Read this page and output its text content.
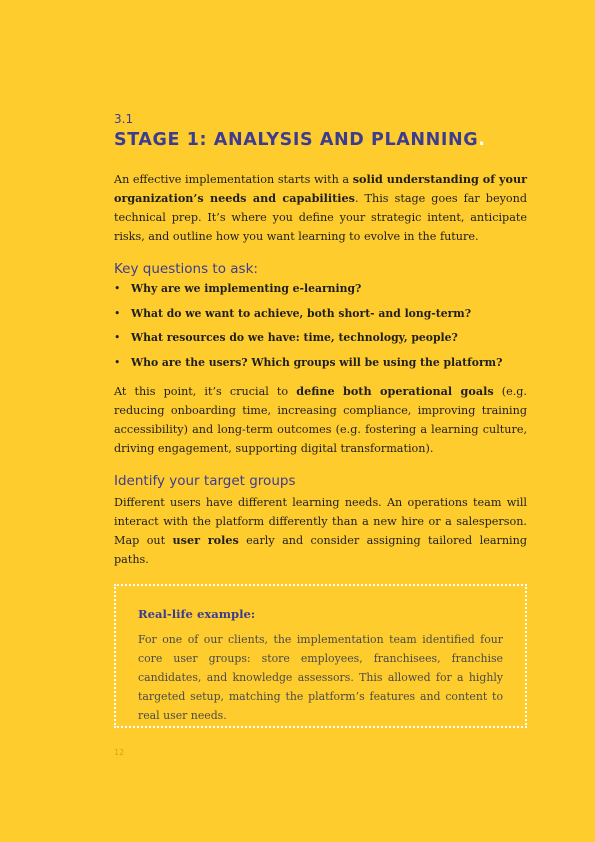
3.1

STAGE 1: ANALYSIS AND PLANNING.

An effective implementation starts with a solid understanding of your organization’s needs and capabilities. This stage goes far beyond technical prep. It’s where you define your strategic intent, anticipate risks, and outline how you want learning to evolve in the future.

Key questions to ask:
• Why are we implementing e-learning?
• What do we want to achieve, both short- and long-term?
• What resources do we have: time, technology, people?
• Who are the users? Which groups will be using the platform?

At this point, it’s crucial to define both operational goals (e.g. reducing onboarding time, increasing compliance, improving training accessibility) and long-term outcomes (e.g. fostering a learning culture, driving engagement, supporting digital transformation).

Identify your target groups

Different users have different learning needs. An operations team will interact with the platform differently than a new hire or a salesperson. Map out user roles early and consider assigning tailored learning paths.

Real-life example:

For one of our clients, the implementation team identified four core user groups: store employees, franchisees, franchise candidates, and knowledge assessors. This allowed for a highly targeted setup, matching the platform’s features and content to real user needs.

12
